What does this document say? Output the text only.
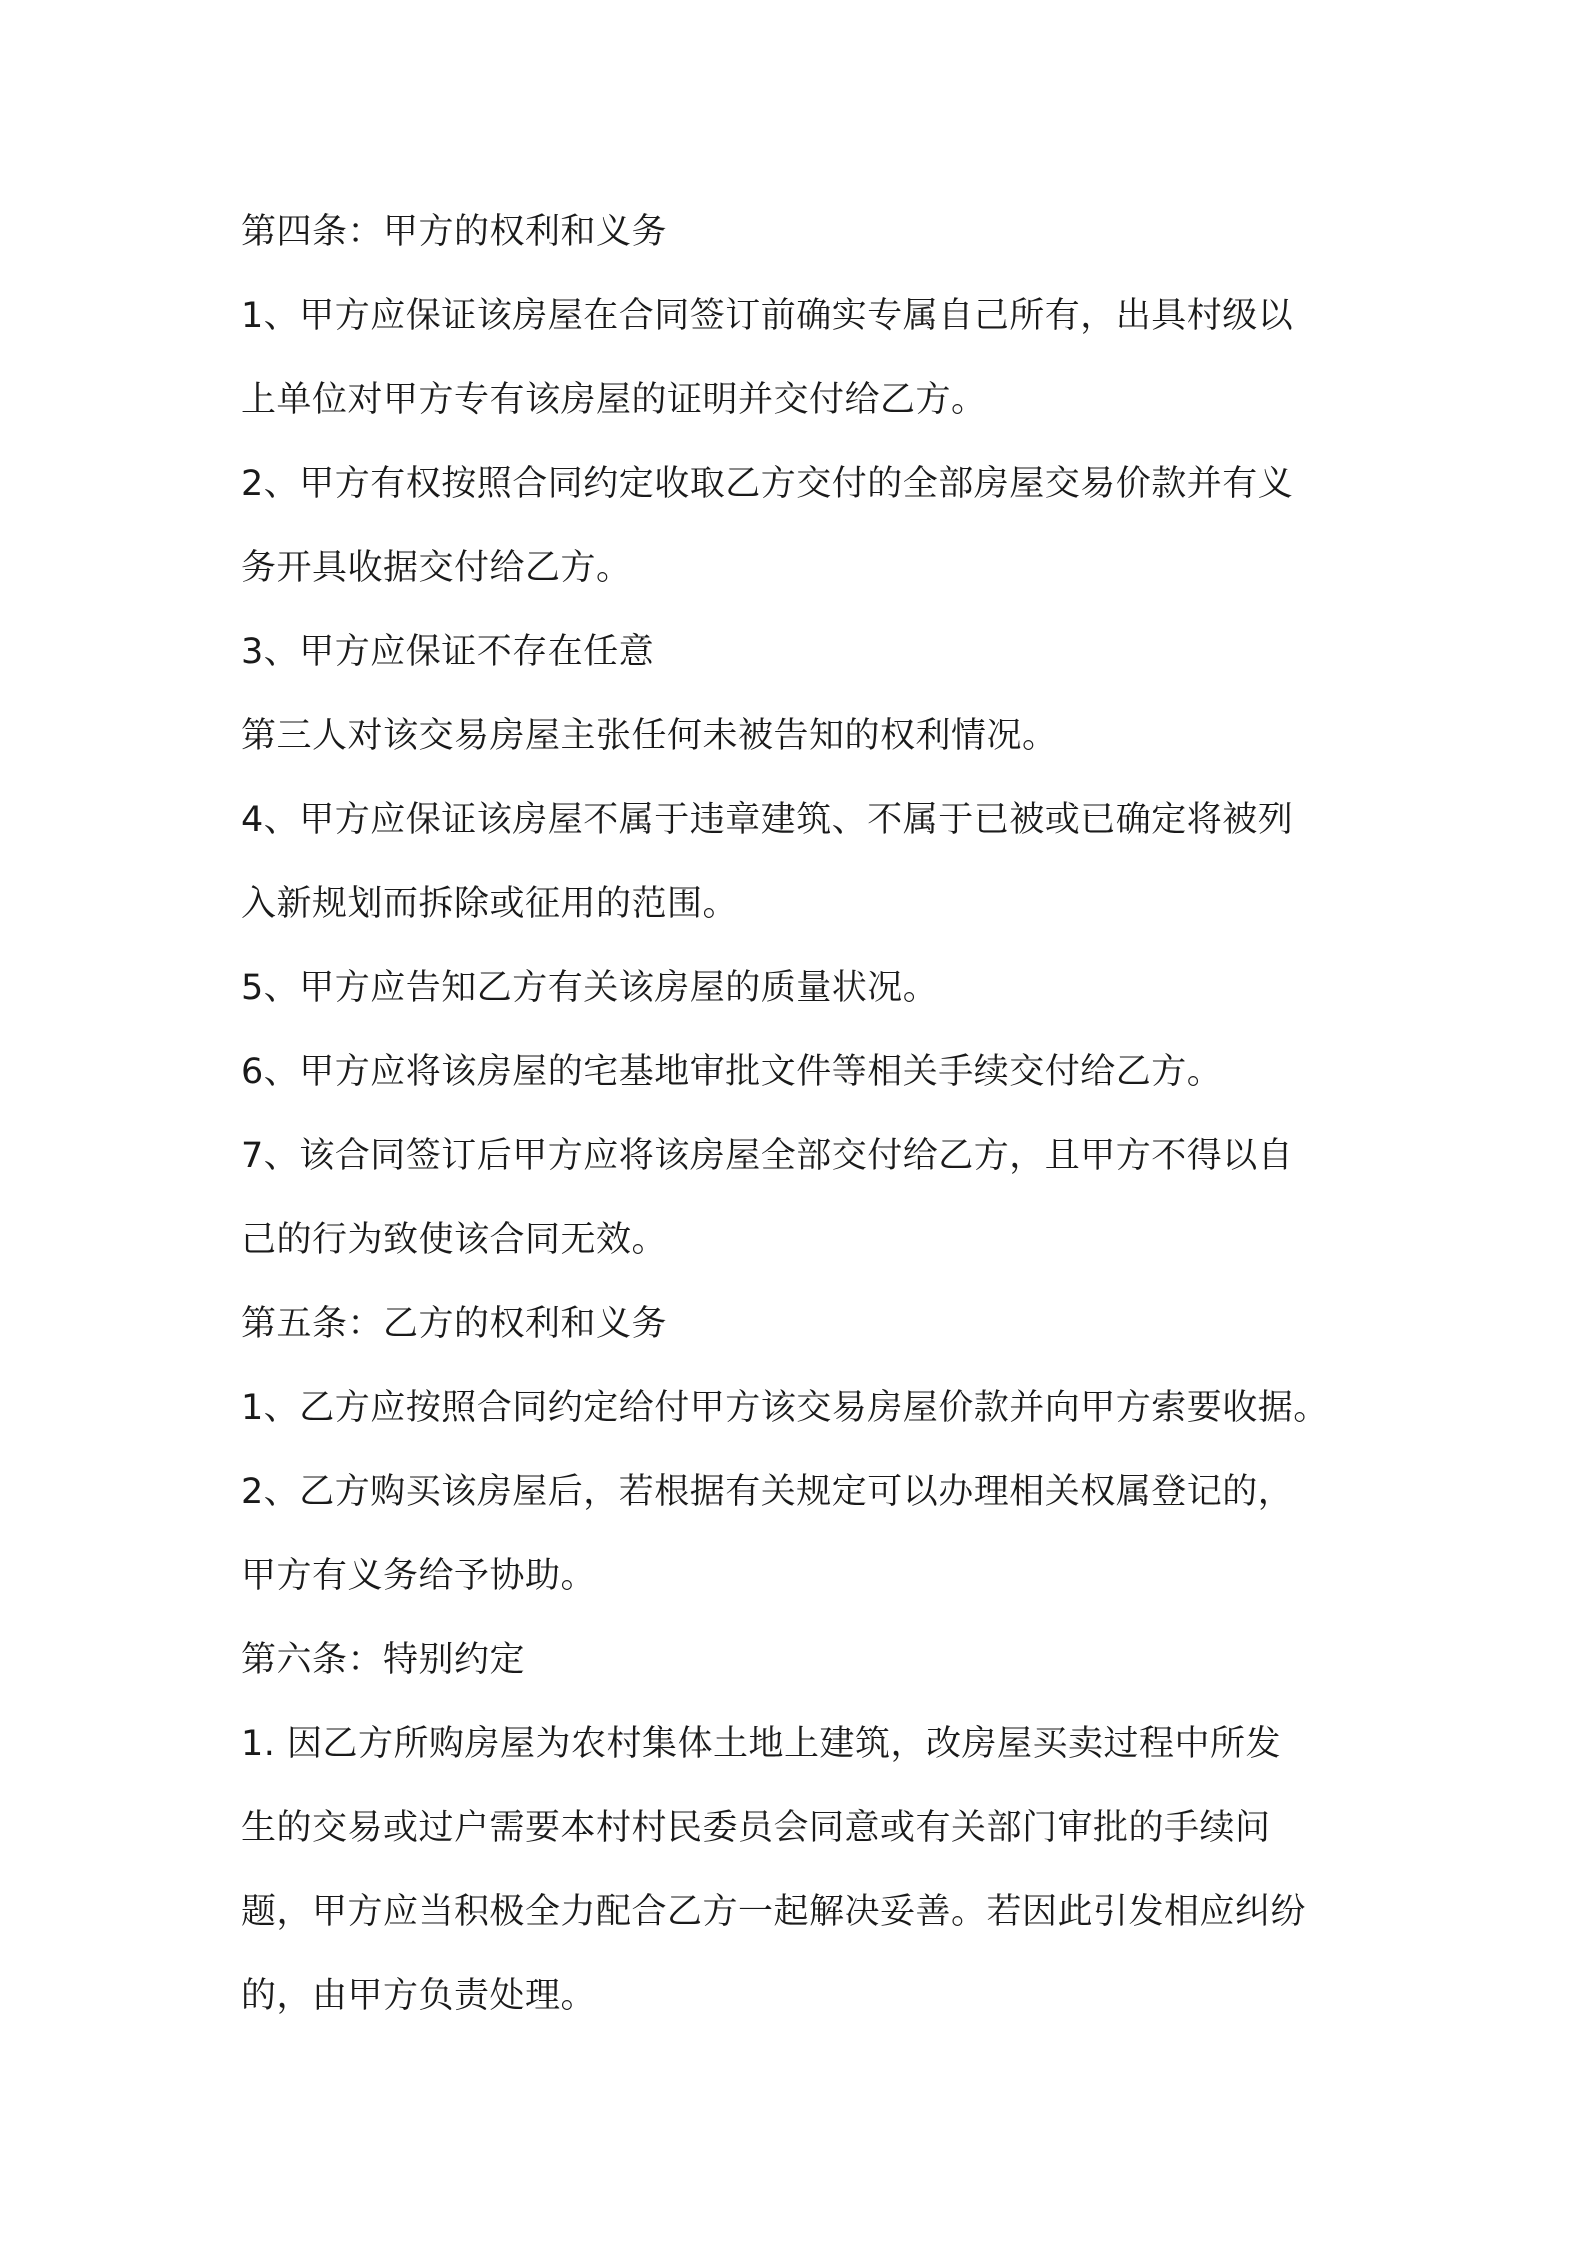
第四条：甲方的权利和义务
1、甲方应保证该房屋在合同签订前确实专属自己所有，出具村级以
上单位对甲方专有该房屋的证明并交付给乙方。
2、甲方有权按照合同约定收取乙方交付的全部房屋交易价款并有义
务开具收据交付给乙方。
3、甲方应保证不存在任意
第三人对该交易房屋主张任何未被告知的权利情况。
4、甲方应保证该房屋不属于违章建筑、不属于已被或已确定将被列
入新规划而拆除或征用的范围。
5、甲方应告知乙方有关该房屋的质量状况。
6、甲方应将该房屋的宅基地审批文件等相关手续交付给乙方。
7、该合同签订后甲方应将该房屋全部交付给乙方，且甲方不得以自
己的行为致使该合同无效。
第五条：乙方的权利和义务
1、乙方应按照合同约定给付甲方该交易房屋价款并向甲方索要收据。
2、乙方购买该房屋后，若根据有关规定可以办理相关权属登记的，
甲方有义务给予协助。
第六条：特别约定
1. 因乙方所购房屋为农村集体土地上建筑，改房屋买卖过程中所发
生的交易或过户需要本村村民委员会同意或有关部门审批的手续问
题，甲方应当积极全力配合乙方一起解决妥善。若因此引发相应纠纷
的，由甲方负责处理。
